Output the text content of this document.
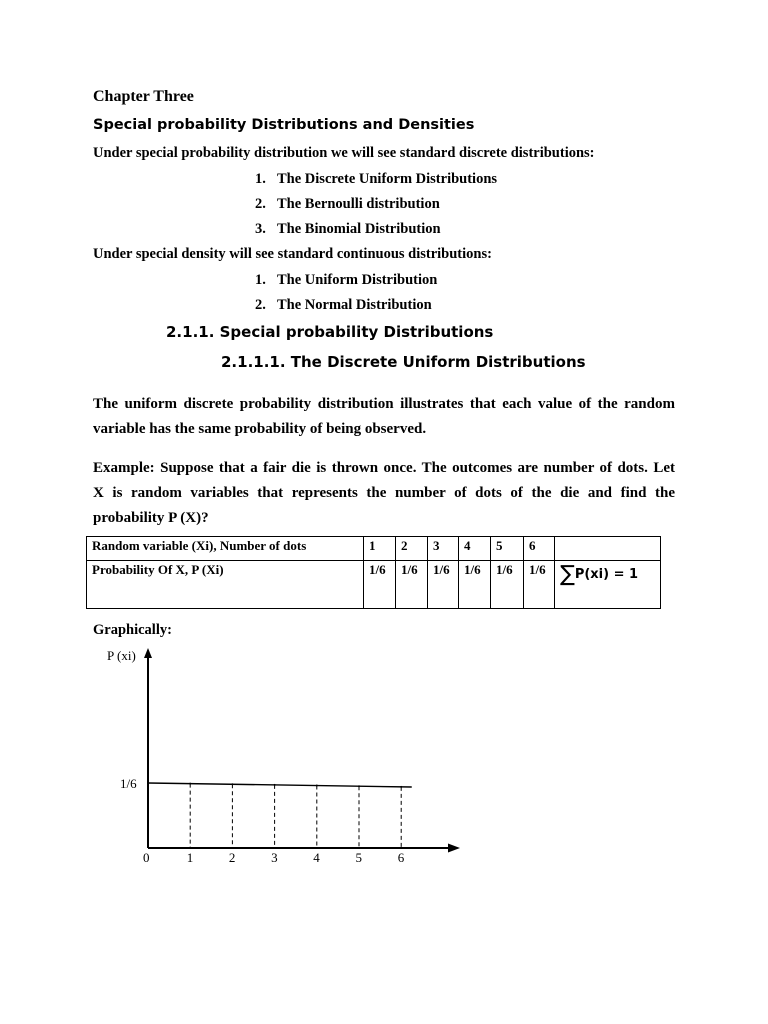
Chapter Three
Special probability Distributions and Densities
Under special probability distribution we will see standard discrete distributions:
1. The Discrete Uniform Distributions
2. The Bernoulli distribution
3. The Binomial Distribution
Under special density will see standard continuous distributions:
1. The Uniform Distribution
2. The Normal Distribution
2.1.1. Special probability Distributions
2.1.1.1. The Discrete Uniform Distributions
The uniform discrete probability distribution illustrates that each value of the random
variable has the same probability of being observed.
Example: Suppose that a fair die is thrown once. The outcomes are number of dots. Let
X is random variables that represents the number of dots of the die and find the
probability P (X)?
Random variable (Xi), Number of dots	1	2	3	4	5	6	
Probability Of X, P (Xi)	1/6	1/6	1/6	1/6	1/6	1/6	∑P(xi) = 1
Graphically:
P (xi)
1/6
0	1	2	3	4	5	6
